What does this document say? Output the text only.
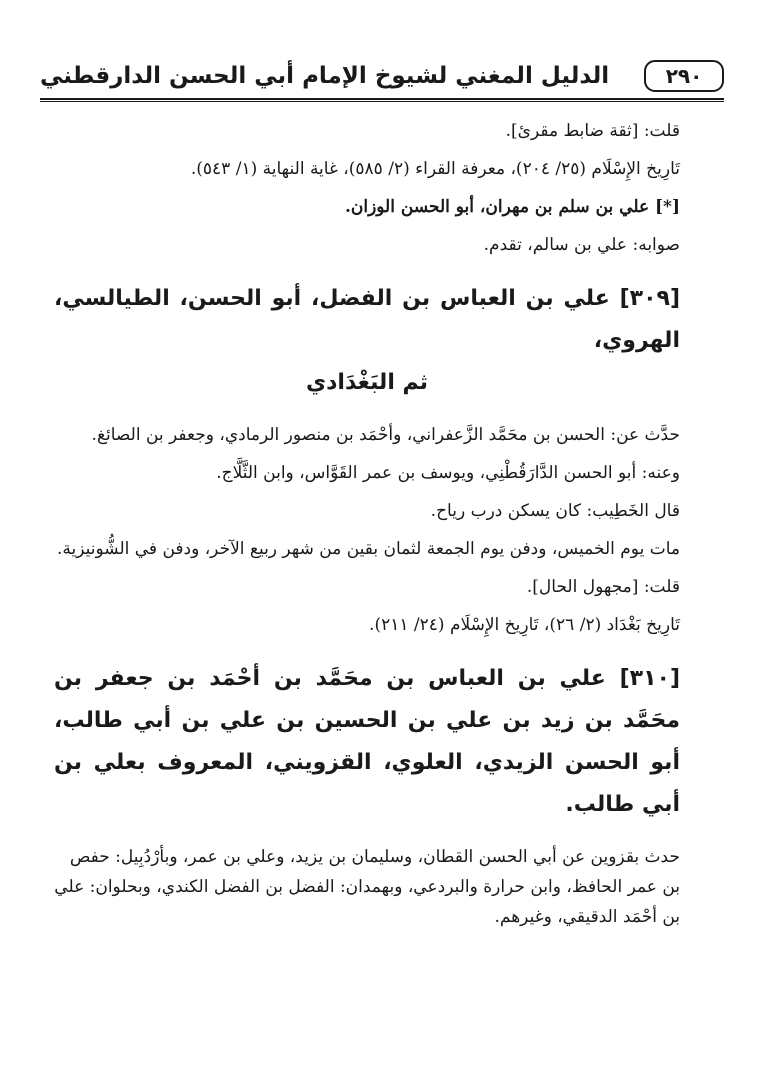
٢٩٠
الدليل المغني لشيوخ الإمام أبي الحسن الدارقطني

قلت: [ثقة ضابط مقرئ].

تَارِيخ الإِسْلَام (٢٥/ ٢٠٤)، معرفة القراء (٢/ ٥٨٥)، غاية النهاية (١/ ٥٤٣).

[*] علي بن سلم بن مهران، أبو الحسن الوزان.

صوابه: علي بن سالم، تقدم.

[٣٠٩] علي بن العباس بن الفضل، أبو الحسن، الطيالسي، الهروي،
ثم البَغْدَادي

حدَّث عن: الحسن بن محَمَّد الزَّعفراني، وأحْمَد بن منصور الرمادي، وجعفر بن الصائغ.

وعنه: أبو الحسن الدَّارَقُطْنِي، ويوسف بن عمر القَوَّاس، وابن الثَّلَّاج.

قال الخَطِيب: كان يسكن درب رياح.

مات يوم الخميس، ودفن يوم الجمعة لثمان بقين من شهر ربيع الآخر، ودفن في الشُّونيزية.

قلت: [مجهول الحال].

تَارِيخ بَغْدَاد (٢/ ٢٦)، تَارِيخ الإِسْلَام (٢٤/ ٢١١).

[٣١٠] علي بن العباس بن محَمَّد بن أحْمَد بن جعفر بن محَمَّد بن زيد بن علي بن الحسين بن علي بن أبي طالب، أبو الحسن الزيدي، العلوي، القزويني، المعروف بعلي بن أبي طالب.

حدث بقزوين عن أبي الحسن القطان، وسليمان بن يزيد، وعلي بن عمر، وبأرْدُبِيل: حفص بن عمر الحافظ، وابن حرارة والبردعي، وبهمدان: الفضل بن الفضل الكندي، وبحلوان: علي بن أحْمَد الدقيقي، وغيرهم.
